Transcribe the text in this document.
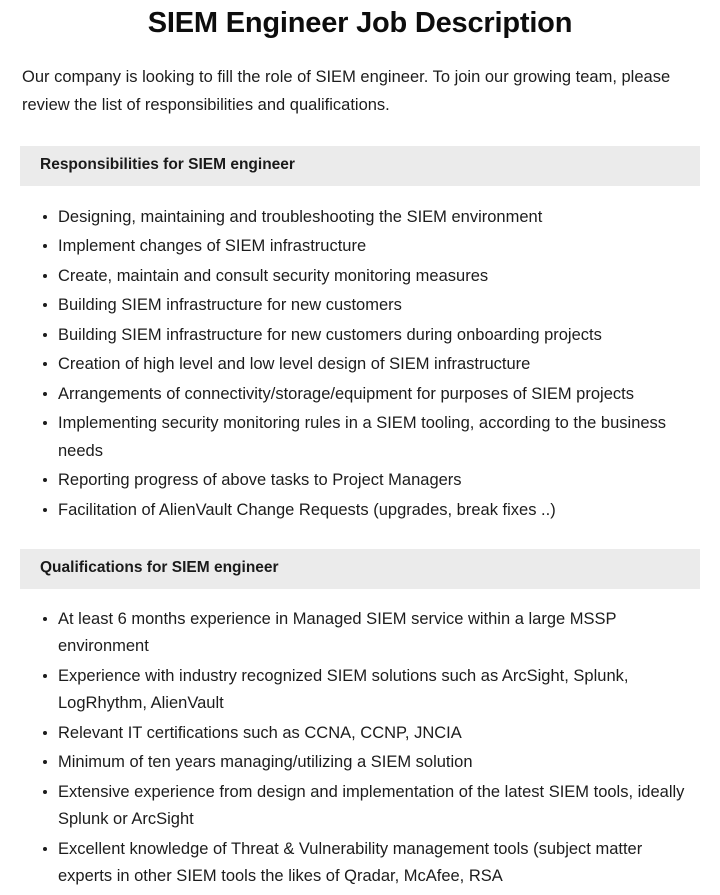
SIEM Engineer Job Description

Our company is looking to fill the role of SIEM engineer. To join our growing team, please review the list of responsibilities and qualifications.

Responsibilities for SIEM engineer
Designing, maintaining and troubleshooting the SIEM environment
Implement changes of SIEM infrastructure
Create, maintain and consult security monitoring measures
Building SIEM infrastructure for new customers
Building SIEM infrastructure for new customers during onboarding projects
Creation of high level and low level design of SIEM infrastructure
Arrangements of connectivity/storage/equipment for purposes of SIEM projects
Implementing security monitoring rules in a SIEM tooling, according to the business needs
Reporting progress of above tasks to Project Managers
Facilitation of AlienVault Change Requests (upgrades, break fixes ..)
Qualifications for SIEM engineer
At least 6 months experience in Managed SIEM service within a large MSSP environment
Experience with industry recognized SIEM solutions such as ArcSight, Splunk, LogRhythm, AlienVault
Relevant IT certifications such as CCNA, CCNP, JNCIA
Minimum of ten years managing/utilizing a SIEM solution
Extensive experience from design and implementation of the latest SIEM tools, ideally Splunk or ArcSight
Excellent knowledge of Threat & Vulnerability management tools (subject matter experts in other SIEM tools the likes of Qradar, McAfee, RSA
